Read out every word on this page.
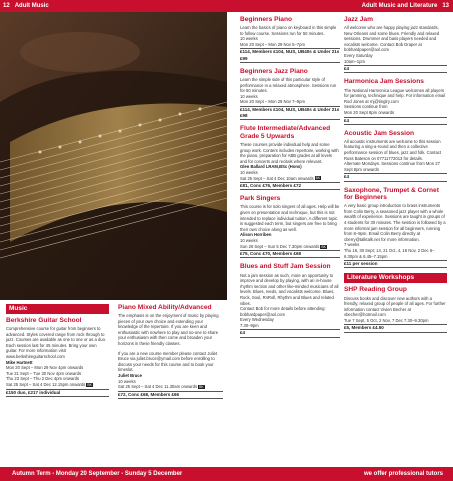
12 Adult Music	Adult Music and Literature 13
Music
Berkshire Guitar School

Comprehensive course for guitar from beginners to advanced. Styles covered range from rock through to jazz. Courses are available as one to one or as a duo. Each session last for 45 minutes. Bring your own guitar. For more information visit www.berkshireguitarschool.com

Mike Hartnett

Mon 20 Sept – Mon 29 Nov 4pm onwards

Tue 21 Sept – Tue 30 Nov 4pm onwards

Thu 23 Sept – Thu 2 Dec 4pm onwards

Sat 25 Sept – Sat 4 Dec 12.15pm onwards BK

£150 duo, £217 individual
Piano Mixed Ability/Advanced

The emphasis is on the enjoyment of music by playing pieces of your own choice and extending your knowledge of the repertoire. If you are keen and enthusiastic with nowhere to play and no-one to share your enthusiasm with then come and broaden your horizons in these friendly classes.

If you are a new course member please contact Juliet Bruce via juliet.bruce@ymail.com before enrolling to discuss your needs for this course and to book your timeslot.

Juliet Bruce

10 weeks

Sat 25 Sept – Sat 4 Dec 11.30am onwards BK

£72, Conc £68, Members £66
Beginners Piano

Learn the basics of piano on keyboard in this simple to follow course. Sessions run for 50 minutes.

10 weeks

Mon 20 Sept – Mon 29 Nov 5–7pm

£114, Members £104, NUS, UB40s & Under 21s £99
Beginners Jazz Piano

Learn the simple side of this particular style of performance in a relaxed atmosphere. Sessions run for 50 minutes.

10 weeks

Mon 20 Sept – Mon 29 Nov 7–9pm

£114, Members £104, NUS, UB40s & Under 21s £98
Flute Intermediate/Advanced Grade 5 Upwards

These courses provide individual help and some group work. Content includes repertoire, working with the piano, preparation for ABB grades at all levels and for concerts and recitals where relevant.

Glen Ballard LRAM,BSc (Hons)

10 weeks

Sat 25 Sept – Sat 4 Dec 10am onwards BK

£81, Conc £76, Members £72
Park Singers

This course is for solo singers of all ages. Help will be given on presentation and technique, but this is not intended to replace individual tuition. A different topic is suggested each term, but singers are free to bring their own choice along as well.

Alison Horriben

10 weeks

Sun 26 Sept – Sun 5 Dec 7.30pm onwards BK

£75, Conc £70, Members £68
Blues and Stuff Jam Session

Not a jam session as such, more an opportunity to improve and develop by playing, with an in-house rhythm section and other like-minded musicians of all levels. Blues, reeds, and vocalists welcome. Blues, Rock, Soul, RnRoll, Rhythm and Blues and related vibes.

Contact Bob for more details before attending: bobhardpaper@aol.com

Every Wednesday

7.30–9pm

£4
Jazz Jam

All welcome who are happy playing jazz standards, New Orleans and some blues. Friendly and relaxed sessions. Drummer and bass players needed and vocalists welcome. Contact Bob Draper at bobhardpaper@aol.com

Every Saturday

10am–1pm

£4
Harmonica Jam Sessions

The National Harmonica League welcomes all players for jamming, technique and help. For information email Rod Jones at rnj@tinglry.com

Sessions continue from

Mon 20 Sept 8pm onwards

£4
Acoustic Jam Session

All acoustic instruments are welcome to this session featuring a sing-a-round and then a collective performance session of blues, jazz and folk. Contact Russ Bateson on 07711772013 for details.

Alternate Mondays. Sessions continue from Mon 27 Sept 8pm onwards

£4
Saxophone, Trumpet & Cornet for Beginners

A very basic group introduction to brass instruments from Colin Berry, a seasoned jazz player with a whole wealth of experience. Sessions are taught in groups of 4 students for 30 minutes. The session is followed by a more informal jam session for all beginners, running from 8–9pm. Email Colin Berry directly at cberry@talktalk.net for more information.

7 weeks

Thu 16, 30 Sept; 14, 21 Oct, 4, 18 Nov, 2 Dec 6–6.30pm & 6.45–7.15pm

£11 per session
Literature Workshops
SHP Reading Group

Discuss books and discover new authors with a friendly, relaxed group of people of all ages. For further information contact Vivien Becher at vbecher@hotmail.com

Tue 7 Sept, 5 Oct, 2 Nov, 7 Dec 7.30–9.30pm

£5, Members £4.50
Autumn Term - Monday 20 September - Sunday 5 December	we offer professional tutors
